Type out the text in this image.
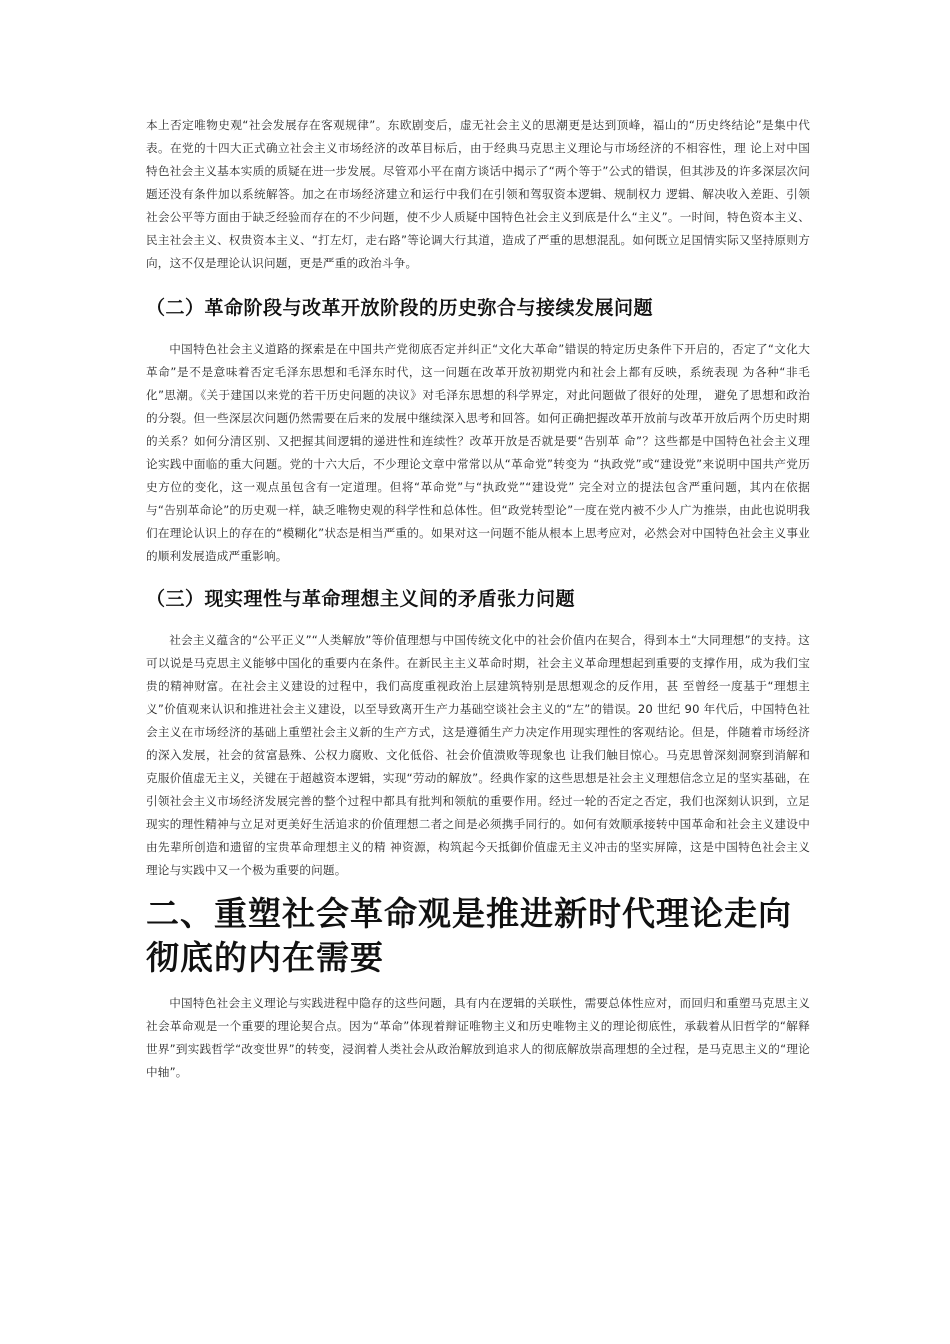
本上否定唯物史观“社会发展存在客观规律”。东欧剧变后，虚无社会主义的思潮更是达到顶峰，福山的“历史终结论”是集中代表。在党的十四大正式确立社会主义市场经济的改革目标后，由于经典马克思主义理论与市场经济的不相容性，理 论上对中国特色社会主义基本实质的质疑在进一步发展。尽管邓小平在南方谈话中揭示了“两个等于”公式的错误，但其涉及的许多深层次问题还没有条件加以系统解答。加之在市场经济建立和运行中我们在引领和驾驭资本逻辑、规制权力 逻辑、解决收入差距、引领社会公平等方面由于缺乏经验而存在的不少问题，使不少人质疑中国特色社会主义到底是什么“主义”。一时间，特色资本主义、民主社会主义、权贵资本主义、“打左灯，走右路”等论调大行其道，造成了严重的思想混乱。如何既立足国情实际又坚持原则方向，这不仅是理论认识问题，更是严重的政治斗争。

（二）革命阶段与改革开放阶段的历史弥合与接续发展问题

中国特色社会主义道路的探索是在中国共产党彻底否定并纠正“文化大革命”错误的特定历史条件下开启的，否定了“文化大革命”是不是意味着否定毛泽东思想和毛泽东时代，这一问题在改革开放初期党内和社会上都有反映，系统表现 为各种“非毛化”思潮。《关于建国以来党的若干历史问题的决议》对毛泽东思想的科学界定，对此问题做了很好的处理， 避免了思想和政治的分裂。但一些深层次问题仍然需要在后来的发展中继续深入思考和回答。如何正确把握改革开放前与改革开放后两个历史时期的关系？如何分清区别、又把握其间逻辑的递进性和连续性？改革开放是否就是要“告别革 命”？这些都是中国特色社会主义理论实践中面临的重大问题。党的十六大后，不少理论文章中常常以从“革命党”转变为 “执政党”或“建设党”来说明中国共产党历史方位的变化，这一观点虽包含有一定道理。但将“革命党”与“执政党”“建设党” 完全对立的提法包含严重问题，其内在依据与“告别革命论”的历史观一样，缺乏唯物史观的科学性和总体性。但“政党转型论”一度在党内被不少人广为推崇，由此也说明我们在理论认识上的存在的“模糊化”状态是相当严重的。如果对这一问题不能从根本上思考应对，必然会对中国特色社会主义事业的顺利发展造成严重影响。

（三）现实理性与革命理想主义间的矛盾张力问题

社会主义蕴含的“公平正义”“人类解放”等价值理想与中国传统文化中的社会价值内在契合，得到本土“大同理想”的支持。这可以说是马克思主义能够中国化的重要内在条件。在新民主主义革命时期，社会主义革命理想起到重要的支撑作用，成为我们宝贵的精神财富。在社会主义建设的过程中，我们高度重视政治上层建筑特别是思想观念的反作用，甚 至曾经一度基于“理想主义”价值观来认识和推进社会主义建设，以至导致离开生产力基础空谈社会主义的“左”的错误。20 世纪 90 年代后，中国特色社会主义在市场经济的基础上重塑社会主义新的生产方式，这是遵循生产力决定作用现实理性的客观结论。但是，伴随着市场经济的深入发展，社会的贫富悬殊、公权力腐败、文化低俗、社会价值溃败等现象也 让我们触目惊心。马克思曾深刻洞察到消解和克服价值虚无主义，关键在于超越资本逻辑，实现“劳动的解放”。经典作家的这些思想是社会主义理想信念立足的坚实基础，在引领社会主义市场经济发展完善的整个过程中都具有批判和领航的重要作用。经过一轮的否定之否定，我们也深刻认识到，立足现实的理性精神与立足对更美好生活追求的价值理想二者之间是必须携手同行的。如何有效顺承接转中国革命和社会主义建设中由先辈所创造和遗留的宝贵革命理想主义的精 神资源，构筑起今天抵御价值虚无主义冲击的坚实屏障，这是中国特色社会主义理论与实践中又一个极为重要的问题。

二、重塑社会革命观是推进新时代理论走向彻底的内在需要

中国特色社会主义理论与实践进程中隐存的这些问题，具有内在逻辑的关联性，需要总体性应对，而回归和重塑马克思主义社会革命观是一个重要的理论契合点。因为“革命”体现着辩证唯物主义和历史唯物主义的理论彻底性，承载着从旧哲学的“解释世界”到实践哲学“改变世界”的转变，浸润着人类社会从政治解放到追求人的彻底解放崇高理想的全过程，是马克思主义的“理论中轴”。
